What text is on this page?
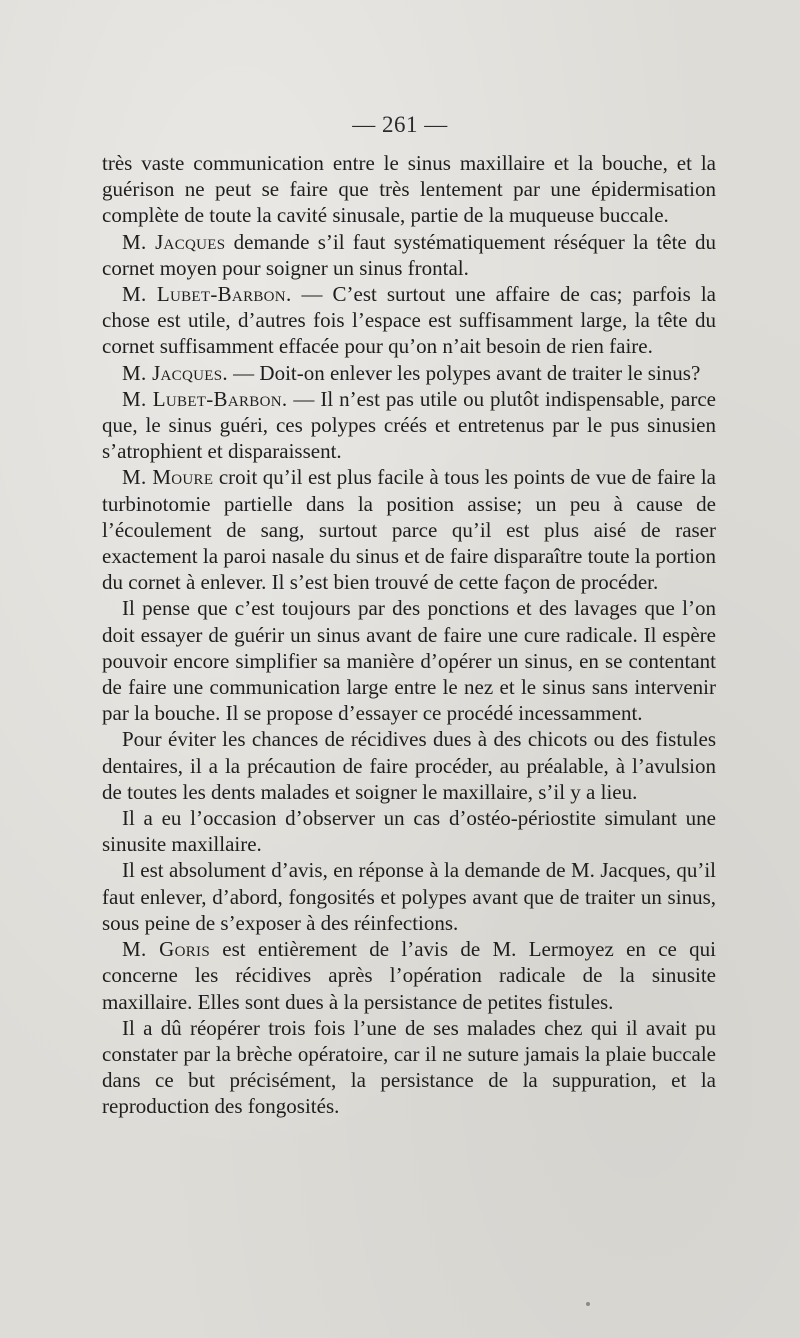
— 261 —

très vaste communication entre le sinus maxillaire et la bouche, et la guérison ne peut se faire que très lentement par une épidermisation complète de toute la cavité sinusale, partie de la muqueuse buccale.

M. Jacques demande s’il faut systématiquement réséquer la tête du cornet moyen pour soigner un sinus frontal.

M. Lubet-Barbon. — C’est surtout une affaire de cas; parfois la chose est utile, d’autres fois l’espace est suffisamment large, la tête du cornet suffisamment effacée pour qu’on n’ait besoin de rien faire.

M. Jacques. — Doit-on enlever les polypes avant de traiter le sinus?

M. Lubet-Barbon. — Il n’est pas utile ou plutôt indispensable, parce que, le sinus guéri, ces polypes créés et entretenus par le pus sinusien s’atrophient et disparaissent.

M. Moure croit qu’il est plus facile à tous les points de vue de faire la turbinotomie partielle dans la position assise; un peu à cause de l’écoulement de sang, surtout parce qu’il est plus aisé de raser exactement la paroi nasale du sinus et de faire disparaître toute la portion du cornet à enlever. Il s’est bien trouvé de cette façon de procéder.

Il pense que c’est toujours par des ponctions et des lavages que l’on doit essayer de guérir un sinus avant de faire une cure radicale. Il espère pouvoir encore simplifier sa manière d’opérer un sinus, en se contentant de faire une communication large entre le nez et le sinus sans intervenir par la bouche. Il se propose d’essayer ce procédé incessamment.

Pour éviter les chances de récidives dues à des chicots ou des fistules dentaires, il a la précaution de faire procéder, au préalable, à l’avulsion de toutes les dents malades et soigner le maxillaire, s’il y a lieu.

Il a eu l’occasion d’observer un cas d’ostéo-périostite simulant une sinusite maxillaire.

Il est absolument d’avis, en réponse à la demande de M. Jacques, qu’il faut enlever, d’abord, fongosités et polypes avant que de traiter un sinus, sous peine de s’exposer à des réinfections.

M. Goris est entièrement de l’avis de M. Lermoyez en ce qui concerne les récidives après l’opération radicale de la sinusite maxillaire. Elles sont dues à la persistance de petites fistules.

Il a dû réopérer trois fois l’une de ses malades chez qui il avait pu constater par la brèche opératoire, car il ne suture jamais la plaie buccale dans ce but précisément, la persistance de la suppuration, et la reproduction des fongosités.
